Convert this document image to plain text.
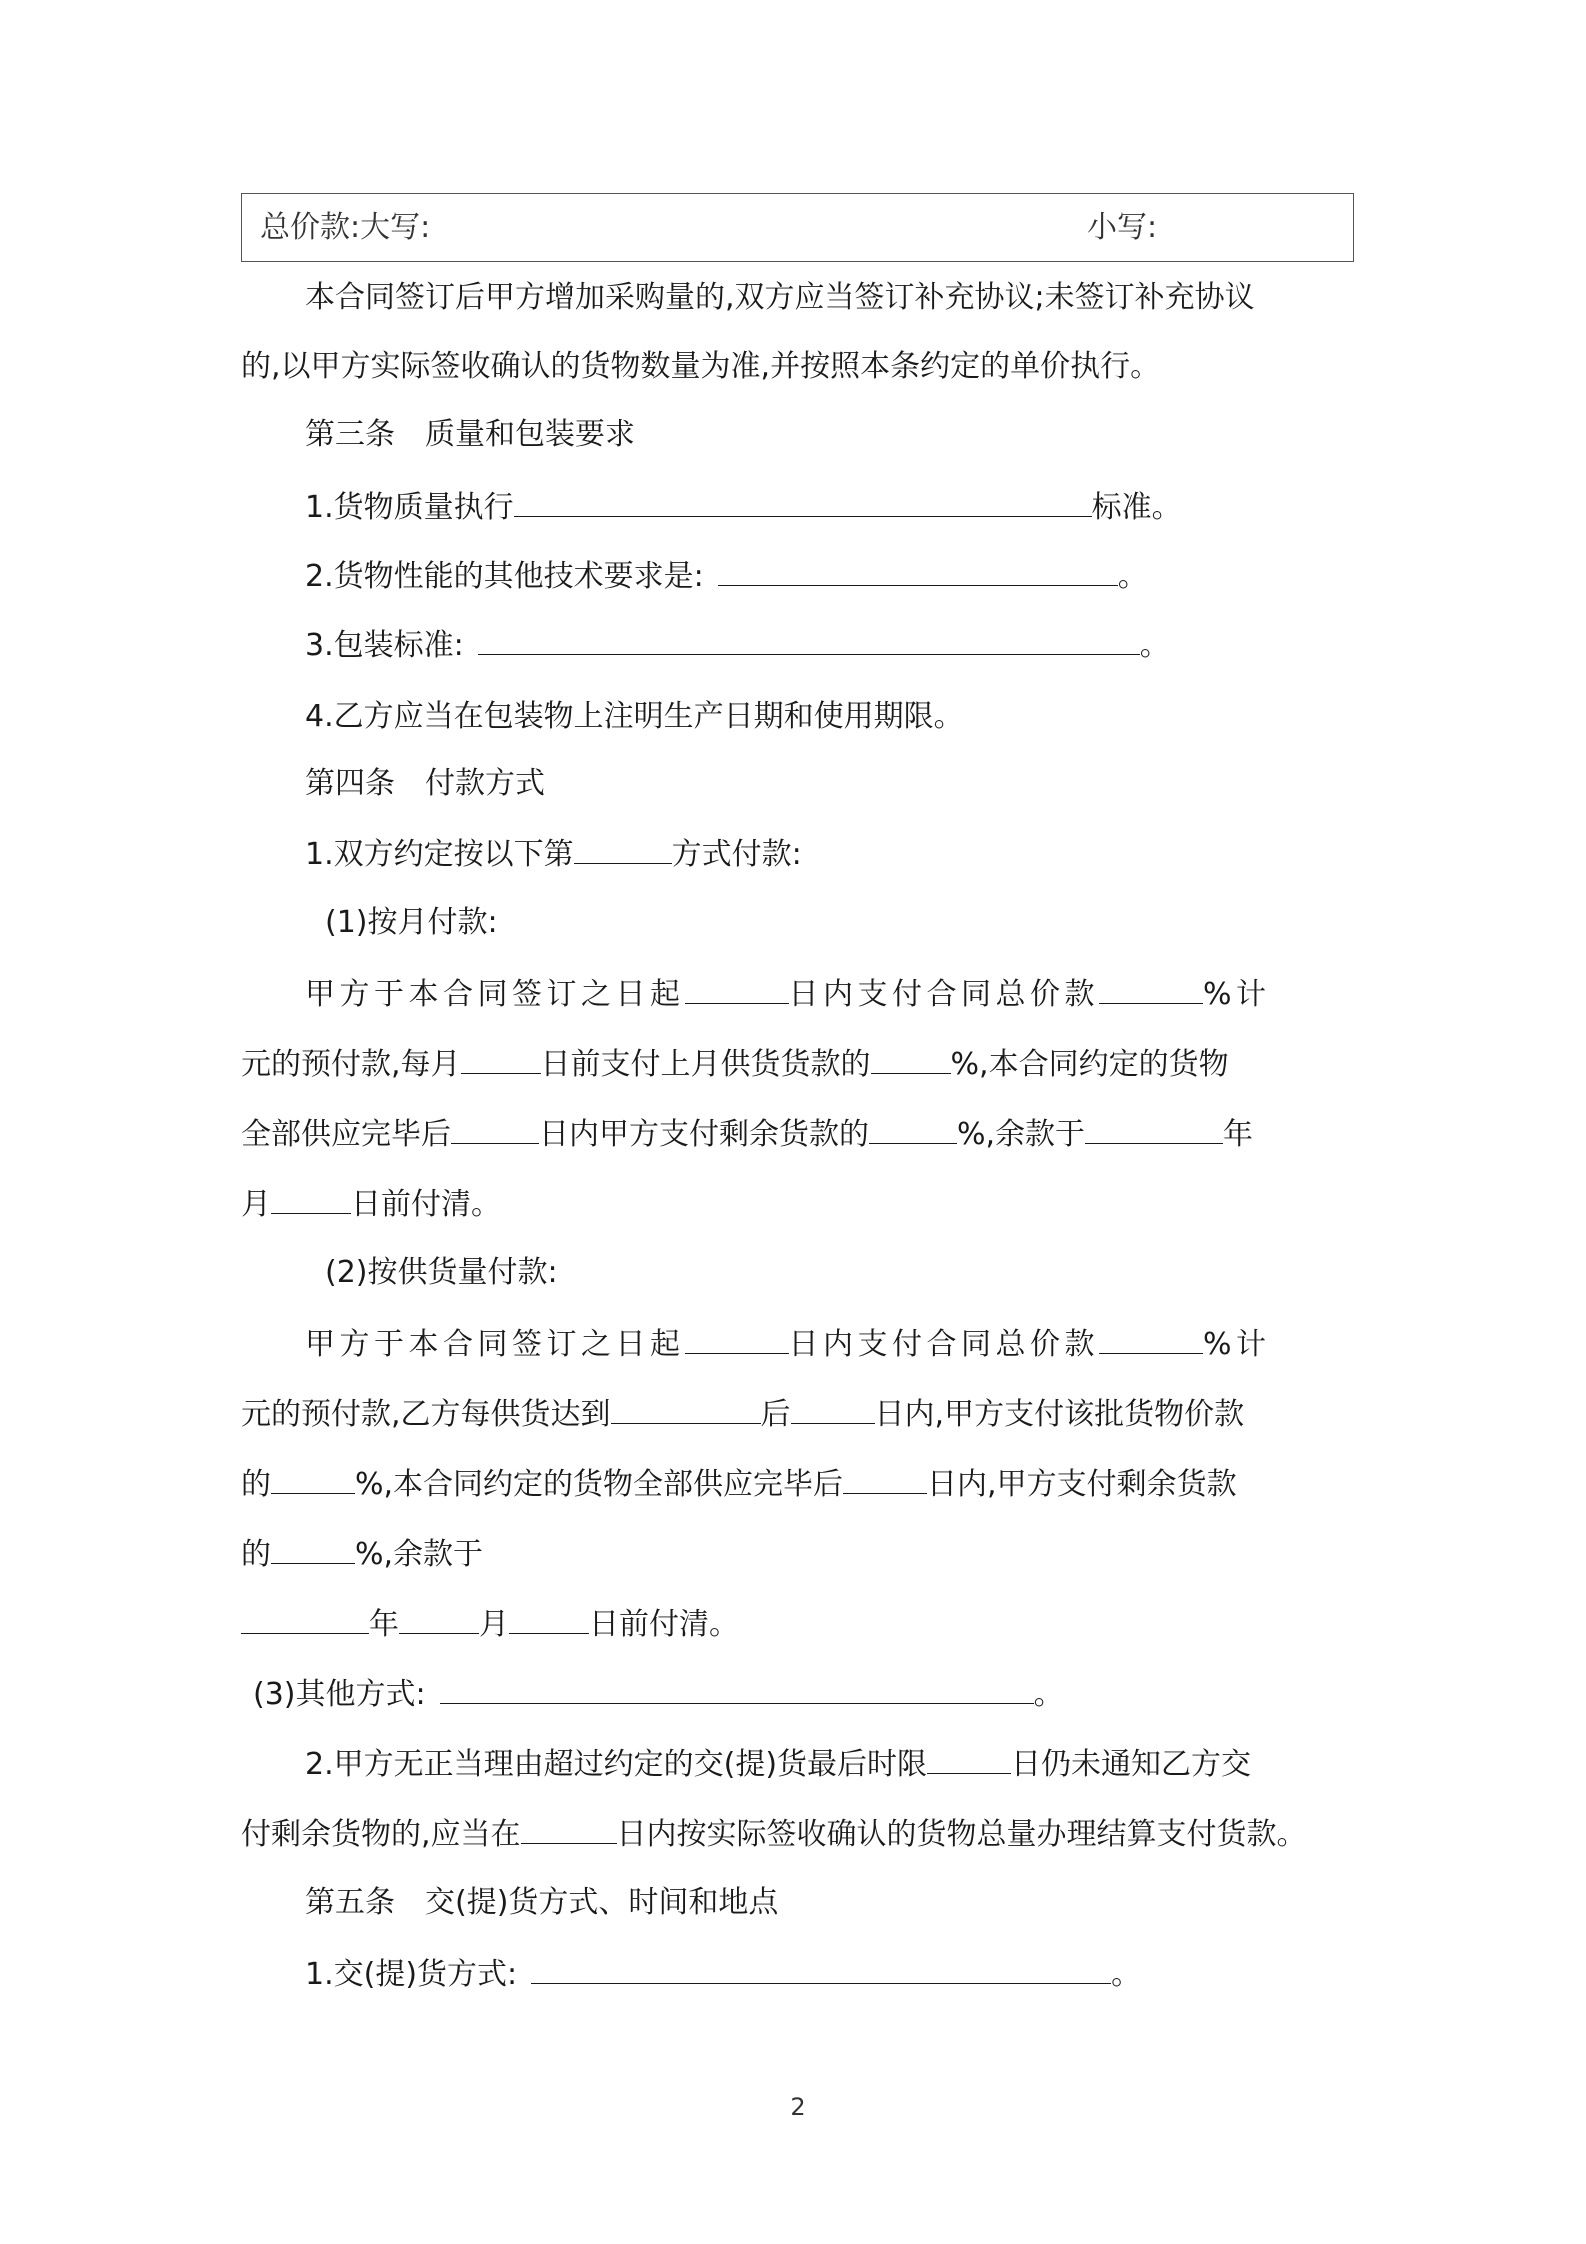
总价款:大写:	小写:
本合同签订后甲方增加采购量的,双方应当签订补充协议;未签订补充协议
的,以甲方实际签收确认的货物数量为准,并按照本条约定的单价执行。
第三条　质量和包装要求
1.货物质量执行	标准。
2.货物性能的其他技术要求是:	。
3.包装标准:	。
4.乙方应当在包装物上注明生产日期和使用期限。
第四条　付款方式
1.双方约定按以下第	方式付款:
(1)按月付款:
甲方于本合同签订之日起	日内支付合同总价款	%计
元的预付款,每月	日前支付上月供货货款的	%,本合同约定的货物
全部供应完毕后	日内甲方支付剩余货款的	%,余款于	年
月	日前付清。
(2)按供货量付款:
甲方于本合同签订之日起	日内支付合同总价款	%计
元的预付款,乙方每供货达到	后	日内,甲方支付该批货物价款
的	%,本合同约定的货物全部供应完毕后	日内,甲方支付剩余货款
的	%,余款于
年	月	日前付清。
(3)其他方式:	。
2.甲方无正当理由超过约定的交(提)货最后时限	日仍未通知乙方交
付剩余货物的,应当在	日内按实际签收确认的货物总量办理结算支付货款。
第五条　交(提)货方式、时间和地点
1.交(提)货方式:	。
2
